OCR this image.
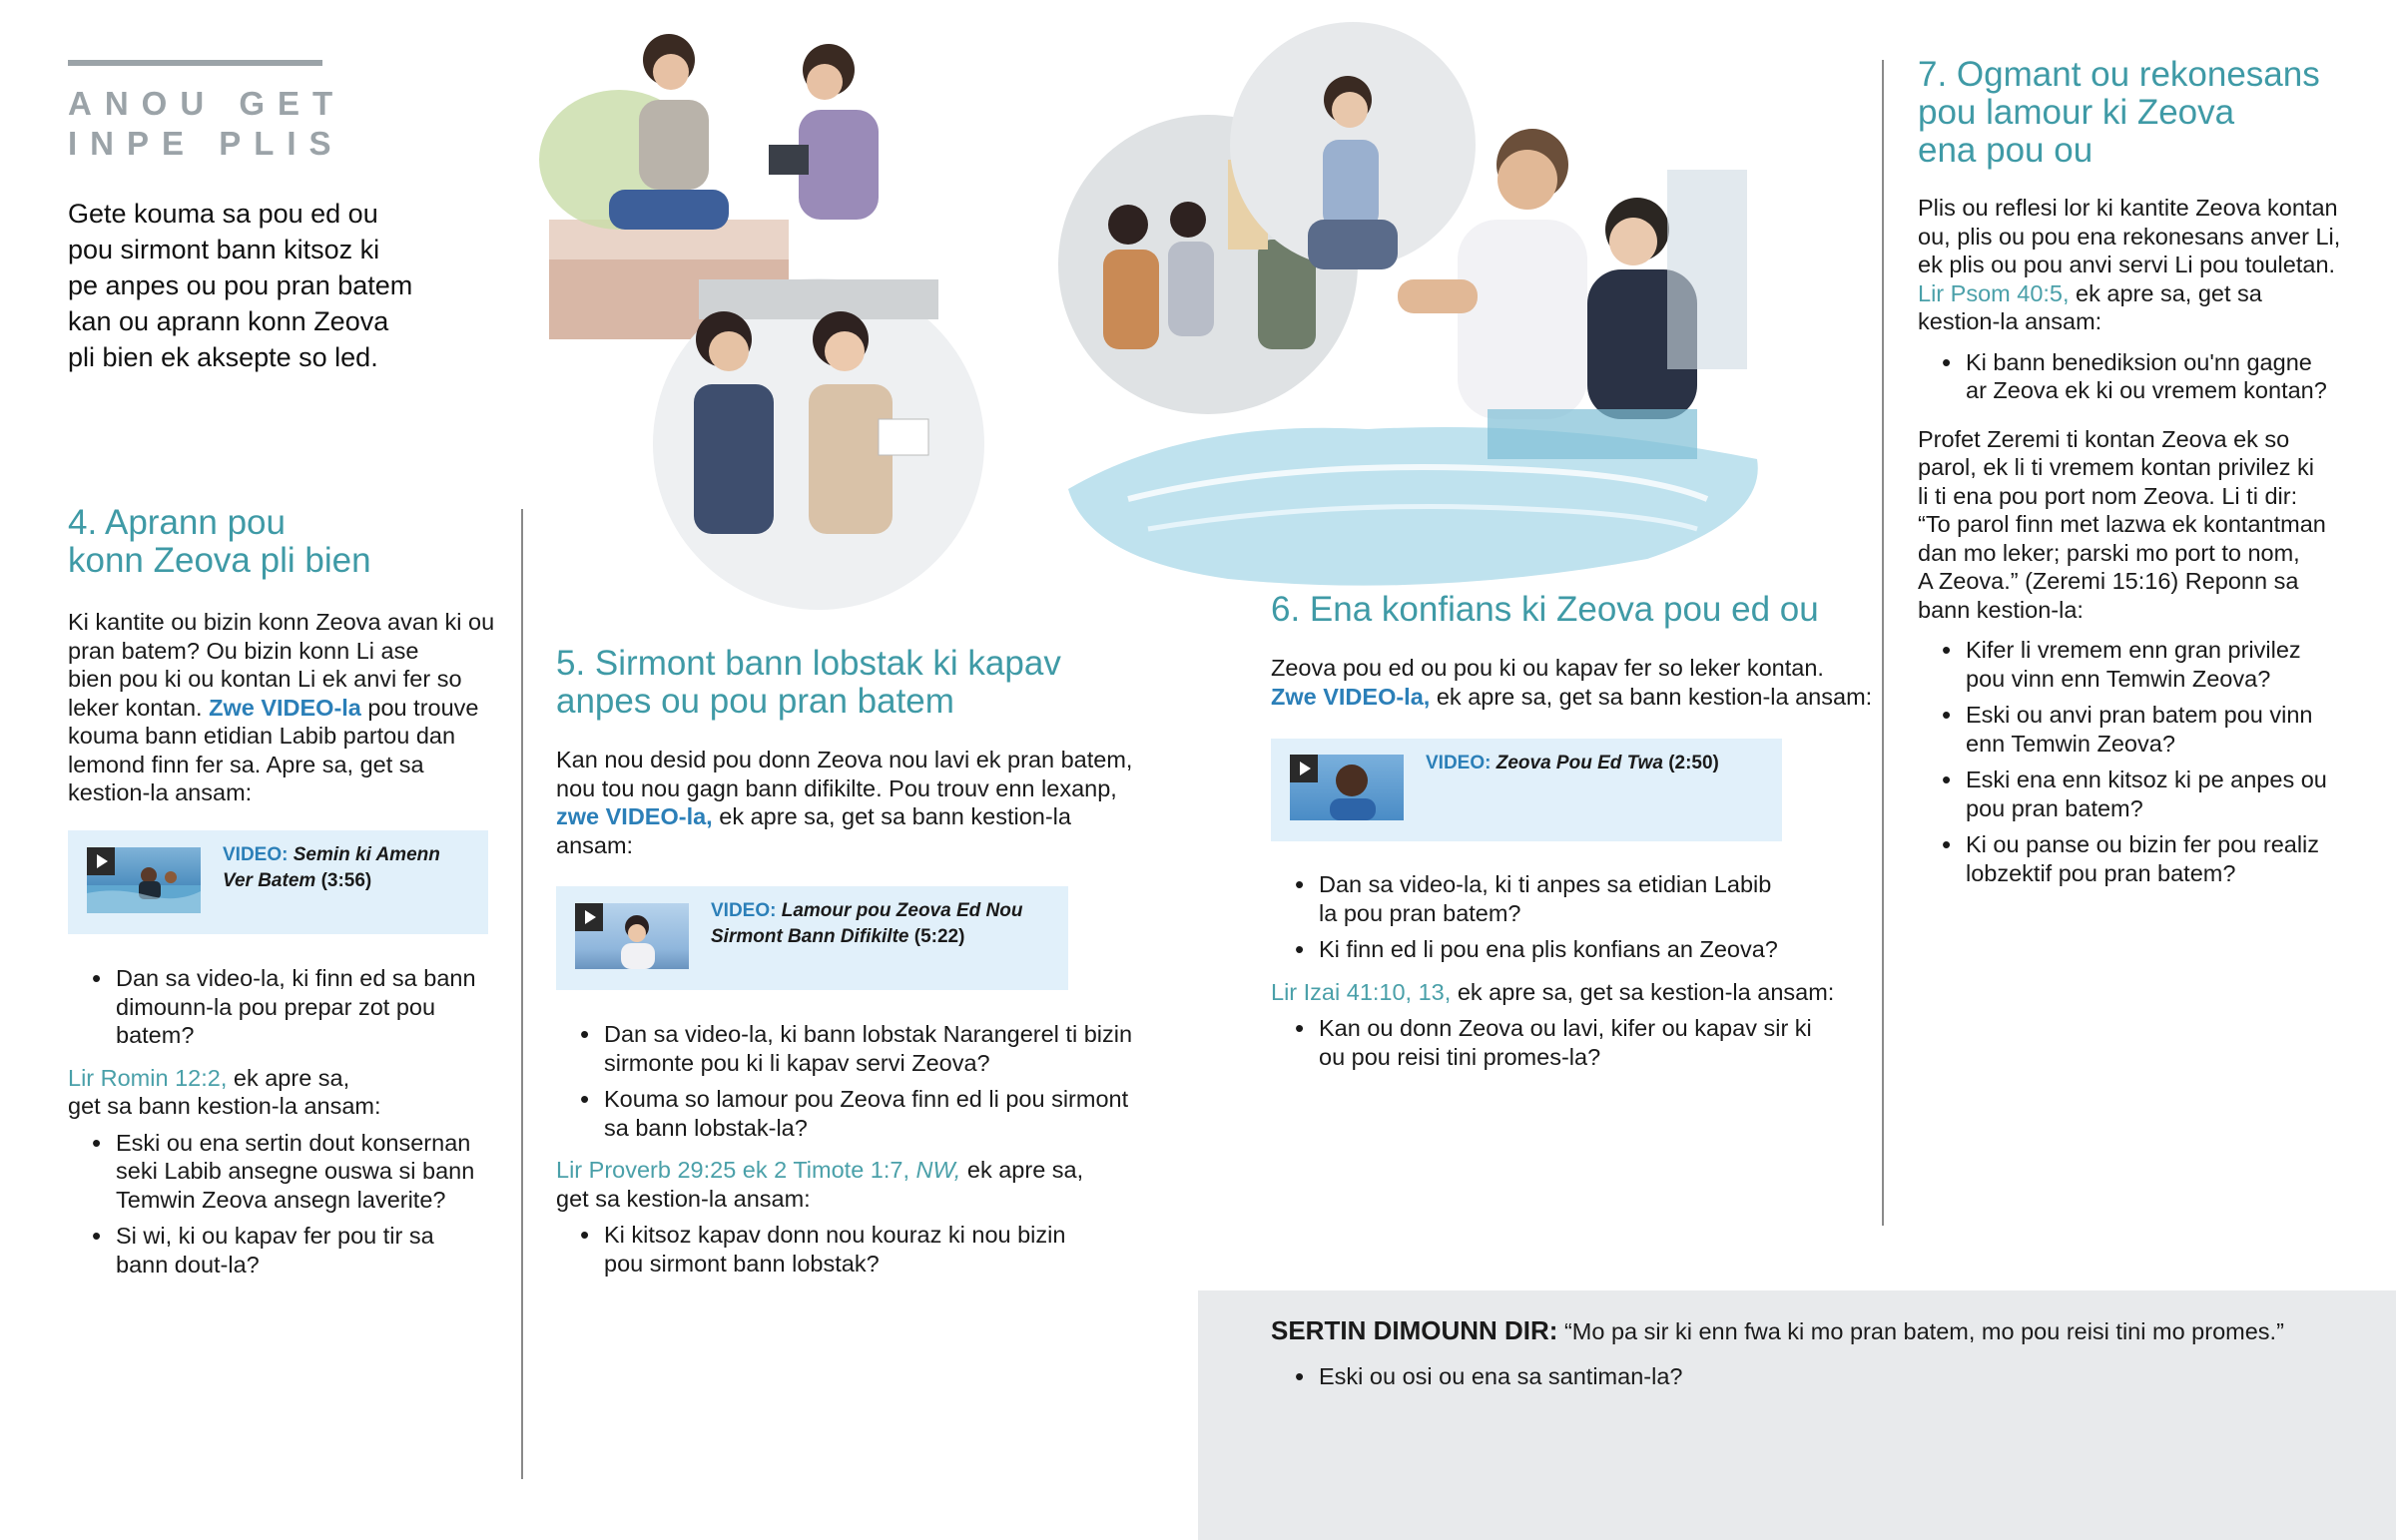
ANOU GET
INPE PLIS
Gete kouma sa pou ed ou
pou sirmont bann kitsoz ki
pe anpes ou pou pran batem
kan ou aprann konn Zeova
pli bien ek aksepte so led.
4. Aprann pou
konn Zeova pli bien
Ki kantite ou bizin konn Zeova avan ki ou
pran batem? Ou bizin konn Li ase
bien pou ki ou kontan Li ek anvi fer so
leker kontan. Zwe VIDEO-la pou trouve
kouma bann etidian Labib partou dan
lemond finn fer sa. Apre sa, get sa
kestion-la ansam:
VIDEO: Semin ki Amenn
Ver Batem (3:56)
• Dan sa video-la, ki finn ed sa bann
dimounn-la pou prepar zot pou
batem?
Lir Romin 12:2, ek apre sa,
get sa bann kestion-la ansam:
• Eski ou ena sertin dout konsernan
seki Labib ansegne ouswa si bann
Temwin Zeova ansegn laverite?
• Si wi, ki ou kapav fer pou tir sa
bann dout-la?
5. Sirmont bann lobstak ki kapav
anpes ou pou pran batem
Kan nou desid pou donn Zeova nou lavi ek pran batem,
nou tou nou gagn bann difikilte. Pou trouv enn lexanp,
zwe VIDEO-la, ek apre sa, get sa bann kestion-la
ansam:
VIDEO: Lamour pou Zeova Ed Nou
Sirmont Bann Difikilte (5:22)
• Dan sa video-la, ki bann lobstak Narangerel ti bizin
sirmonte pou ki li kapav servi Zeova?
• Kouma so lamour pou Zeova finn ed li pou sirmont
sa bann lobstak-la?
Lir Proverb 29:25 ek 2 Timote 1:7, NW, ek apre sa,
get sa kestion-la ansam:
• Ki kitsoz kapav donn nou kouraz ki nou bizin
pou sirmont bann lobstak?
6. Ena konfians ki Zeova pou ed ou
Zeova pou ed ou pou ki ou kapav fer so leker kontan.
Zwe VIDEO-la, ek apre sa, get sa bann kestion-la ansam:
VIDEO: Zeova Pou Ed Twa (2:50)
• Dan sa video-la, ki ti anpes sa etidian Labib
la pou pran batem?
• Ki finn ed li pou ena plis konfians an Zeova?
Lir Izai 41:10, 13, ek apre sa, get sa kestion-la ansam:
• Kan ou donn Zeova ou lavi, kifer ou kapav sir ki
ou pou reisi tini promes-la?
7. Ogmant ou rekonesans
pou lamour ki Zeova
ena pou ou
Plis ou reflesi lor ki kantite Zeova kontan
ou, plis ou pou ena rekonesans anver Li,
ek plis ou pou anvi servi Li pou touletan.
Lir Psom 40:5, ek apre sa, get sa
kestion-la ansam:
• Ki bann benediksion ou'nn gagne
ar Zeova ek ki ou vremem kontan?
Profet Zeremi ti kontan Zeova ek so
parol, ek li ti vremem kontan privilez ki
li ti ena pou port nom Zeova. Li ti dir:
“To parol finn met lazwa ek kontantman
dan mo leker; parski mo port to nom,
A Zeova.” (Zeremi 15:16) Reponn sa
bann kestion-la:
• Kifer li vremem enn gran privilez
pou vinn enn Temwin Zeova?
• Eski ou anvi pran batem pou vinn
enn Temwin Zeova?
• Eski ena enn kitsoz ki pe anpes ou
pou pran batem?
• Ki ou panse ou bizin fer pou realiz
lobzektif pou pran batem?
SERTIN DIMOUNN DIR: “Mo pa sir ki enn fwa ki mo pran batem, mo pou reisi tini mo promes.”
• Eski ou osi ou ena sa santiman-la?
